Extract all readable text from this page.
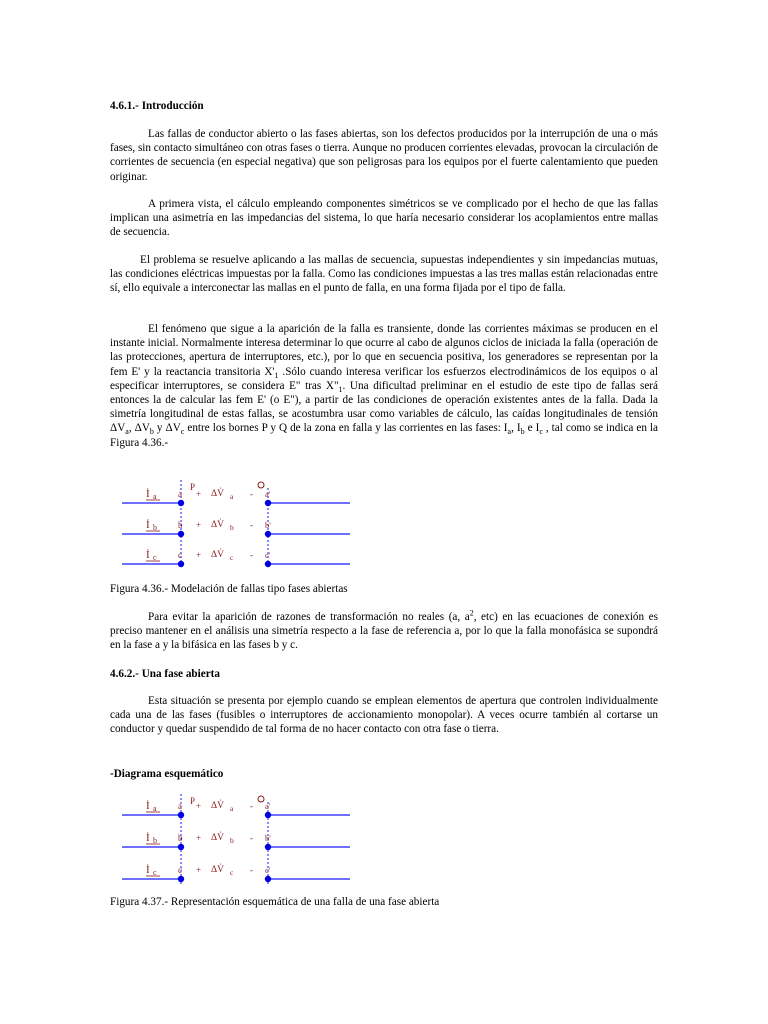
4.6.1.- Introducción
Las fallas de conductor abierto o las fases abiertas, son los defectos producidos por la interrupción de una o más fases, sin contacto simultáneo con otras fases o tierra. Aunque no producen corrientes elevadas, provocan la circulación de corrientes de secuencia (en especial negativa) que son peligrosas para los equipos por el fuerte calentamiento que pueden originar.
A primera vista, el cálculo empleando componentes simétricos se ve complicado por el hecho de que las fallas implican una asimetría en las impedancias del sistema, lo que haría necesario considerar los acoplamientos entre mallas de secuencia.
El problema se resuelve aplicando a las mallas de secuencia, supuestas independientes y sin impedancias mutuas, las condiciones eléctricas impuestas por la falla. Como las condiciones impuestas a las tres mallas están relacionadas entre sí, ello equivale a interconectar las mallas en el punto de falla, en una forma fijada por el tipo de falla.
El fenómeno que sigue a la aparición de la falla es transiente, donde las corrientes máximas se producen en el instante inicial. Normalmente interesa determinar lo que ocurre al cabo de algunos ciclos de iniciada la falla (operación de las protecciones, apertura de interruptores, etc.), por lo que en secuencia positiva, los generadores se representan por la fem E' y la reactancia transitoria $X'_1$ .Sólo cuando interesa verificar los esfuerzos electrodinámicos de los equipos o al especificar interruptores, se considera E" tras $X"_1$. Una dificultad preliminar en el estudio de este tipo de fallas será entonces la de calcular las fem E' (o E"), a partir de las condiciones de operación existentes antes de la falla. Dada la simetría longitudinal de estas fallas, se acostumbra usar como variables de cálculo, las caídas longitudinales de tensión $\Delta V_a$, $\Delta V_b$ y $\Delta V_c$ entre los bornes P y Q de la zona en falla y las corrientes en las fases: $I_a$, $I_b$ e $I_c$ , tal como se indica en la Figura 4.36.-
P
İ a a + ΔV̇ a - a'
İ b b + ΔV̇ b - b'
İ c c + ΔV̇ c - c'
Figura 4.36.- Modelación de fallas tipo fases abiertas
Para evitar la aparición de razones de transformación no reales (a, $a^2$, etc) en las ecuaciones de conexión es preciso mantener en el análisis una simetría respecto a la fase de referencia a, por lo que la falla monofásica se supondrá en la fase a y la bifásica en las fases b y c.
4.6.2.- Una fase abierta
Esta situación se presenta por ejemplo cuando se emplean elementos de apertura que controlen individualmente cada una de las fases (fusibles o interruptores de accionamiento monopolar). A veces ocurre también al cortarse un conductor y quedar suspendido de tal forma de no hacer contacto con otra fase o tierra.
-Diagrama esquemático
P
İ a a + ΔV̇ a - a'
İ b b + ΔV̇ b - b'
İ c c + ΔV̇ c - c'
Figura 4.37.- Representación esquemática de una falla de una fase abierta
